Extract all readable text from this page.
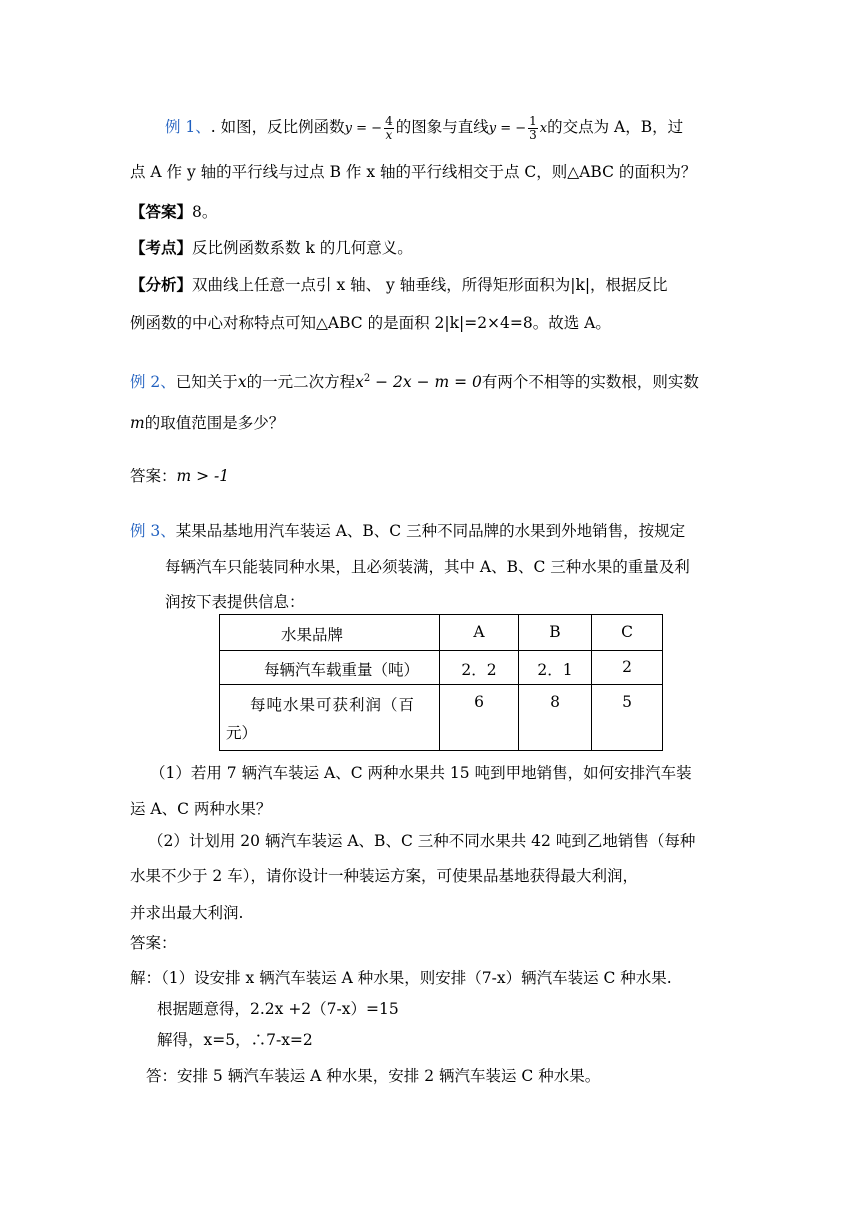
例 1、. 如图，反比例函数y = − $\frac{4}{x}$ 的图象与直线y = − $\frac{1}{3}$ x的交点为 A，B，过
点 A 作 y 轴的平行线与过点 B 作 x 轴的平行线相交于点 C，则△ABC 的面积为？
【答案】8。
【考点】反比例函数系数 k 的几何意义。
【分析】双曲线上任意一点引 x 轴、 y 轴垂线，所得矩形面积为|k|，根据反比
例函数的中心对称特点可知△ABC 的是面积 2|k|=2×4=8。故选 A。
例 2、已知关于x的一元二次方程$x^2 - 2x - m = 0$有两个不相等的实数根，则实数
m的取值范围是多少？
答案：m > -1
例 3、某果品基地用汽车装运 A、B、C 三种不同品牌的水果到外地销售，按规定
每辆汽车只能装同种水果，且必须装满，其中 A、B、C 三种水果的重量及利
润按下表提供信息：
水果品牌	A	B	C

每辆汽车载重量（吨）	2．2	2．1	2

每吨水果可获利润（百
元）	6	8	5
（1）若用 7 辆汽车装运 A、C 两种水果共 15 吨到甲地销售，如何安排汽车装
运 A、C 两种水果？
（2）计划用 20 辆汽车装运 A、B、C 三种不同水果共 42 吨到乙地销售（每种
水果不少于 2 车），请你设计一种装运方案，可使果品基地获得最大利润，
并求出最大利润.
答案：
解：（1）设安排 x 辆汽车装运 A 种水果，则安排（7-x）辆汽车装运 C 种水果.
根据题意得，2.2x +2（7-x）=15
解得，x=5，∴7-x=2
答：安排 5 辆汽车装运 A 种水果，安排 2 辆汽车装运 C 种水果。
